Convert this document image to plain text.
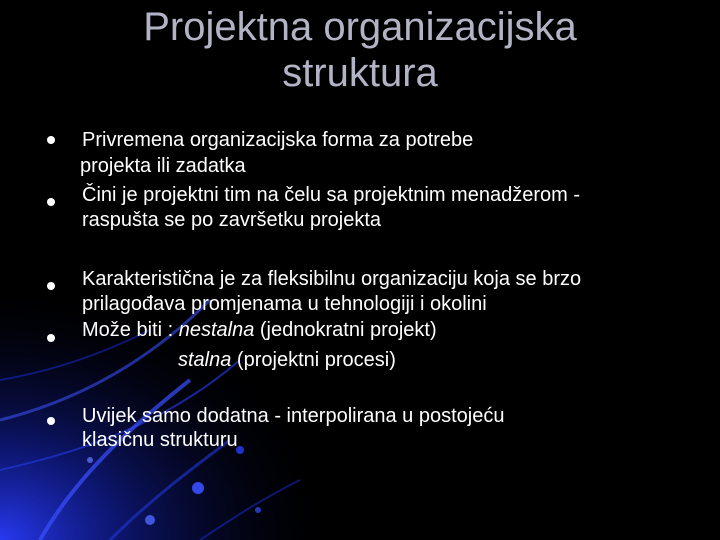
Projektna organizacijska
struktura
Privremena organizacijska forma za potrebe
projekta ili zadatka
Čini je projektni tim na čelu sa projektnim menadžerom -
raspušta se po završetku projekta
Karakteristična je za fleksibilnu organizaciju koja se brzo
prilagođava promjenama u tehnologiji i okolini
Može biti : nestalna (jednokratni projekt)
stalna (projektni procesi)
Uvijek samo dodatna - interpolirana u postojeću
klasičnu strukturu
